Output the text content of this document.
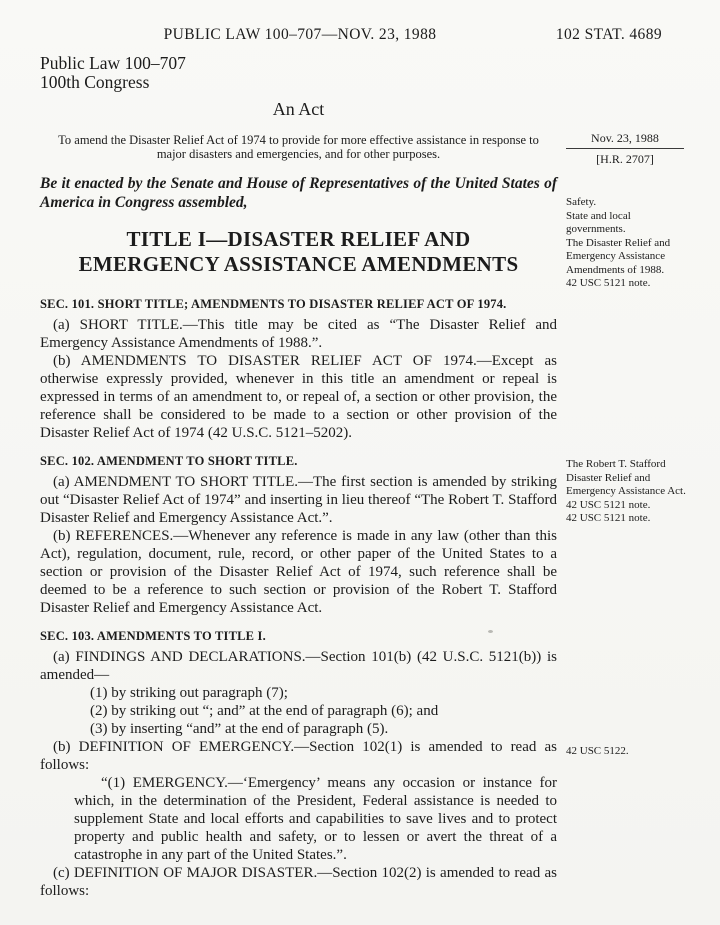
PUBLIC LAW 100–707—NOV. 23, 1988	102 STAT. 4689
Public Law 100–707
100th Congress
An Act

To amend the Disaster Relief Act of 1974 to provide for more effective assistance in response to major disasters and emergencies, and for other purposes.

Be it enacted by the Senate and House of Representatives of the United States of America in Congress assembled,

TITLE I—DISASTER RELIEF AND
EMERGENCY ASSISTANCE AMENDMENTS
SEC. 101. SHORT TITLE; AMENDMENTS TO DISASTER RELIEF ACT OF 1974.

(a) SHORT TITLE.—This title may be cited as “The Disaster Relief and Emergency Assistance Amendments of 1988.”.

(b) AMENDMENTS TO DISASTER RELIEF ACT OF 1974.—Except as otherwise expressly provided, whenever in this title an amendment or repeal is expressed in terms of an amendment to, or repeal of, a section or other provision, the reference shall be considered to be made to a section or other provision of the Disaster Relief Act of 1974 (42 U.S.C. 5121–5202).

SEC. 102. AMENDMENT TO SHORT TITLE.

(a) AMENDMENT TO SHORT TITLE.—The first section is amended by striking out “Disaster Relief Act of 1974” and inserting in lieu thereof “The Robert T. Stafford Disaster Relief and Emergency Assistance Act.”.

(b) REFERENCES.—Whenever any reference is made in any law (other than this Act), regulation, document, rule, record, or other paper of the United States to a section or provision of the Disaster Relief Act of 1974, such reference shall be deemed to be a reference to such section or provision of the Robert T. Stafford Disaster Relief and Emergency Assistance Act.

SEC. 103. AMENDMENTS TO TITLE I.

(a) FINDINGS AND DECLARATIONS.—Section 101(b) (42 U.S.C. 5121(b)) is amended—

(1) by striking out paragraph (7);
(2) by striking out “; and” at the end of paragraph (6); and
(3) by inserting “and” at the end of paragraph (5).

(b) DEFINITION OF EMERGENCY.—Section 102(1) is amended to read as follows:

“(1) EMERGENCY.—‘Emergency’ means any occasion or instance for which, in the determination of the President, Federal assistance is needed to supplement State and local efforts and capabilities to save lives and to protect property and public health and safety, or to lessen or avert the threat of a catastrophe in any part of the United States.”.

(c) DEFINITION OF MAJOR DISASTER.—Section 102(2) is amended to read as follows:

Nov. 23, 1988
[H.R. 2707]
Safety.
State and local governments.
The Disaster Relief and Emergency Assistance Amendments of 1988.
42 USC 5121 note.
The Robert T. Stafford Disaster Relief and Emergency Assistance Act.
42 USC 5121 note.
42 USC 5121 note.
42 USC 5122.
